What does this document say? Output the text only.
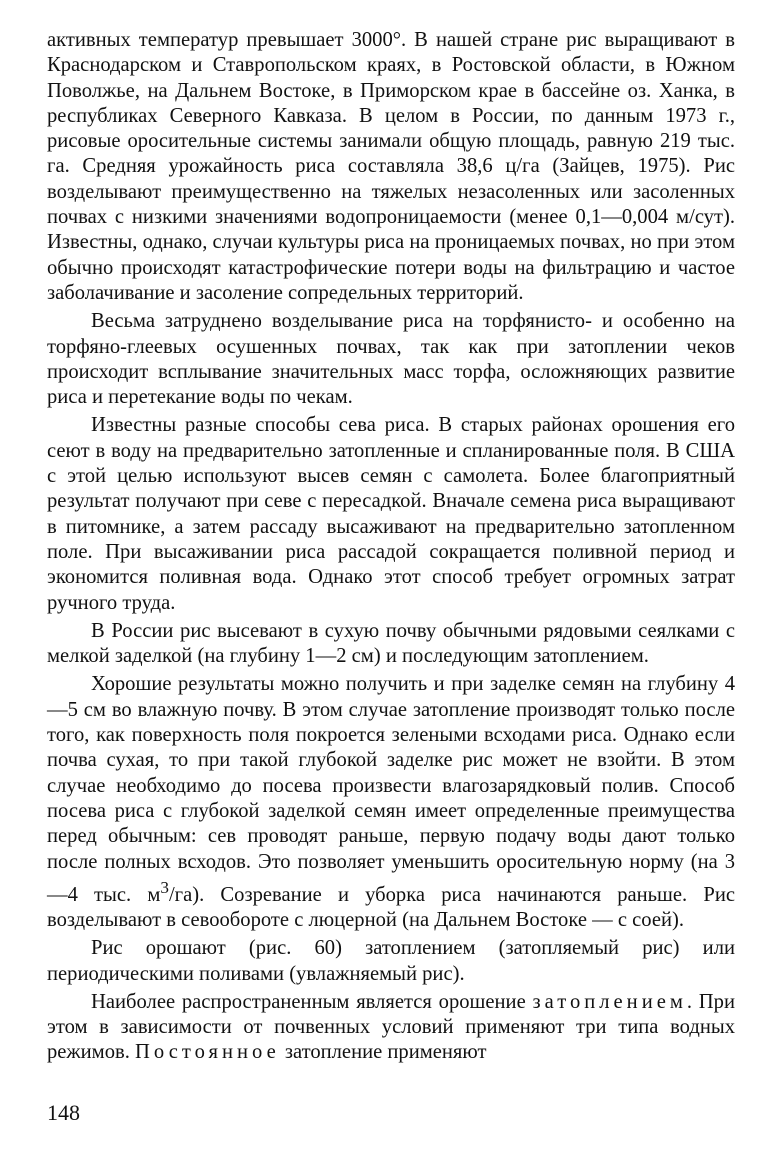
активных температур превышает 3000°. В нашей стране рис выращивают в Краснодарском и Ставропольском краях, в Ростовской области, в Южном Поволжье, на Дальнем Востоке, в Приморском крае в бассейне оз. Ханка, в республиках Северного Кавказа. В целом в России, по данным 1973 г., рисовые оросительные системы занимали общую площадь, равную 219 тыс. га. Средняя урожайность риса составляла 38,6 ц/га (Зайцев, 1975). Рис возделывают преимущественно на тяжелых незасоленных или засоленных почвах с низкими значениями водопроницаемости (менее 0,1—0,004 м/сут). Известны, однако, случаи культуры риса на проницаемых почвах, но при этом обычно происходят катастрофические потери воды на фильтрацию и частое заболачивание и засоление сопредельных территорий.

Весьма затруднено возделывание риса на торфянисто- и особенно на торфяно-глеевых осушенных почвах, так как при затоплении чеков происходит всплывание значительных масс торфа, осложняющих развитие риса и перетекание воды по чекам.

Известны разные способы сева риса. В старых районах орошения его сеют в воду на предварительно затопленные и спланированные поля. В США с этой целью используют высев семян с самолета. Более благоприятный результат получают при севе с пересадкой. Вначале семена риса выращивают в питомнике, а затем рассаду высаживают на предварительно затопленном поле. При высаживании риса рассадой сокращается поливной период и экономится поливная вода. Однако этот способ требует огромных затрат ручного труда.

В России рис высевают в сухую почву обычными рядовыми сеялками с мелкой заделкой (на глубину 1—2 см) и последующим затоплением.

Хорошие результаты можно получить и при заделке семян на глубину 4—5 см во влажную почву. В этом случае затопление производят только после того, как поверхность поля покроется зелеными всходами риса. Однако если почва сухая, то при такой глубокой заделке рис может не взойти. В этом случае необходимо до посева произвести влагозарядковый полив. Способ посева риса с глубокой заделкой семян имеет определенные преимущества перед обычным: сев проводят раньше, первую подачу воды дают только после полных всходов. Это позволяет уменьшить оросительную норму (на 3—4 тыс. $м^3/га$). Созревание и уборка риса начинаются раньше. Рис возделывают в севообороте с люцерной (на Дальнем Востоке — с соей).

Рис орошают (рис. 60) затоплением (затопляемый рис) или периодическими поливами (увлажняемый рис).

Наиболее распространенным является орошение затоплением. При этом в зависимости от почвенных условий применяют три типа водных режимов. Постоянное затопление применяют

148
